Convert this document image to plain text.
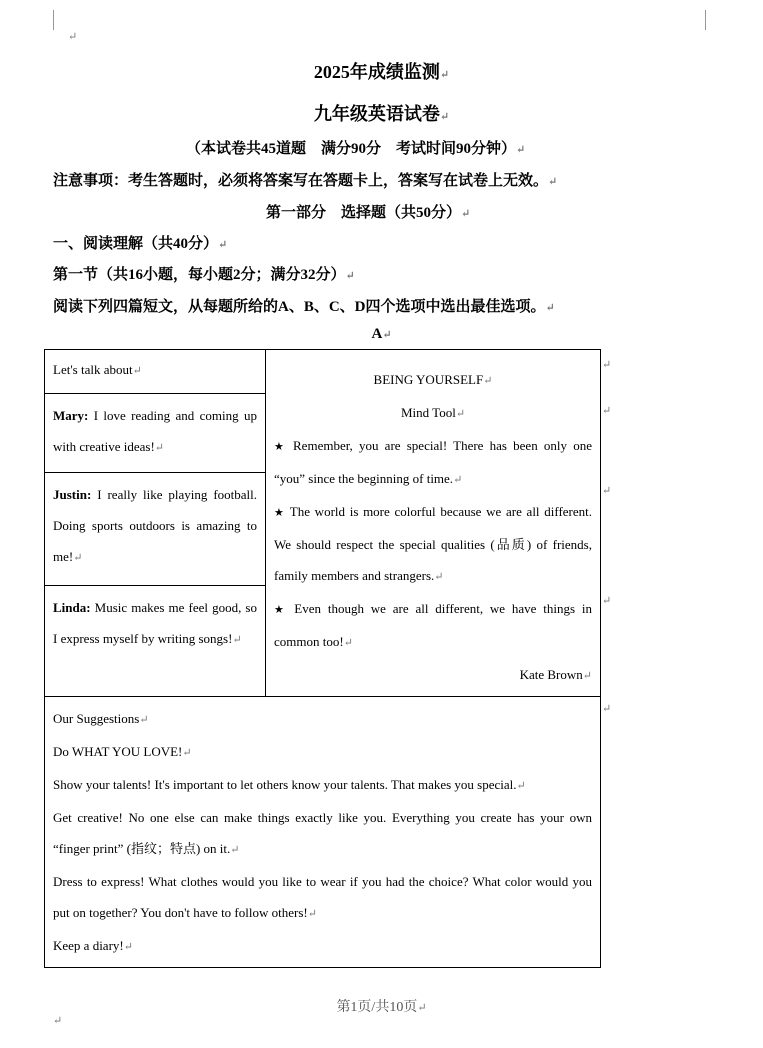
↵
2025年成绩监测↵
九年级英语试卷↵
（本试卷共45道题　满分90分　考试时间90分钟）↵
注意事项：考生答题时，必须将答案写在答题卡上，答案写在试卷上无效。↵
第一部分　选择题（共50分）↵
一、阅读理解（共40分）↵
第一节（共16小题，每小题2分；满分32分）↵
阅读下列四篇短文，从每题所给的A、B、C、D四个选项中选出最佳选项。↵
A↵
Let's talk about↵	
BEING YOURSELF↵
Mind Tool↵
★ Remember, you are special! There has been only one “you” since the beginning of time.↵
★ The world is more colorful because we are all different. We should respect the special qualities (品质) of friends, family members and strangers.↵
★ Even though we are all different, we have things in common too!↵
Kate Brown↵

Mary: I love reading and coming up with creative ideas!↵
Justin: I really like playing football. Doing sports outdoors is amazing to me!↵
Linda: Music makes me feel good, so I express myself by writing songs!↵

Our Suggestions↵
Do WHAT YOU LOVE!↵
Show your talents! It's important to let others know your talents. That makes you special.↵
Get creative! No one else can make things exactly like you. Everything you create has your own “finger print” (指纹；特点) on it.↵
Dress to express! What clothes would you like to wear if you had the choice? What color would you put on together? You don't have to follow others!↵
Keep a diary!↵
↵
↵
↵
↵
↵
第1页/共10页↵
↵
